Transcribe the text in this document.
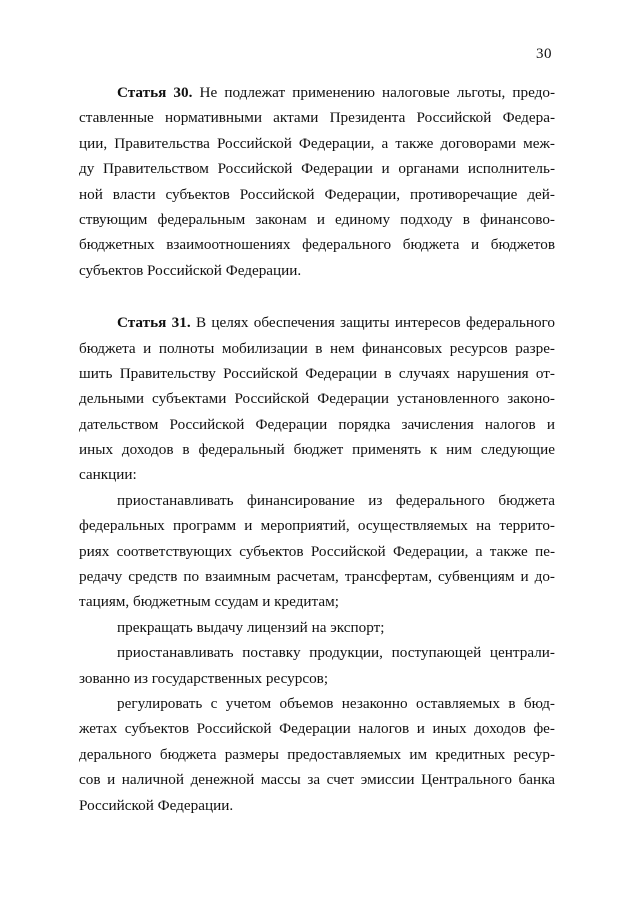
30
Статья 30. Не подлежат применению налоговые льготы, предо-
ставленные нормативными актами Президента Российской Федера-
ции, Правительства Российской Федерации, а также договорами меж-
ду Правительством Российской Федерации и органами исполнитель-
ной власти субъектов Российской Федерации, противоречащие дей-
ствующим федеральным законам и единому подходу в финансово-
бюджетных взаимоотношениях федерального бюджета и бюджетов
субъектов Российской Федерации.
Статья 31. В целях обеспечения защиты интересов федерального
бюджета и полноты мобилизации в нем финансовых ресурсов разре-
шить Правительству Российской Федерации в случаях нарушения от-
дельными субъектами Российской Федерации установленного законо-
дательством Российской Федерации порядка зачисления налогов и
иных доходов в федеральный бюджет применять к ним следующие
санкции:
приостанавливать финансирование из федерального бюджета
федеральных программ и мероприятий, осуществляемых на террито-
риях соответствующих субъектов Российской Федерации, а также пе-
редачу средств по взаимным расчетам, трансфертам, субвенциям и до-
тациям, бюджетным ссудам и кредитам;
прекращать выдачу лицензий на экспорт;
приостанавливать поставку продукции, поступающей централи-
зованно из государственных ресурсов;
регулировать с учетом объемов незаконно оставляемых в бюд-
жетах субъектов Российской Федерации налогов и иных доходов фе-
дерального бюджета размеры предоставляемых им кредитных ресур-
сов и наличной денежной массы за счет эмиссии Центрального банка
Российской Федерации.
